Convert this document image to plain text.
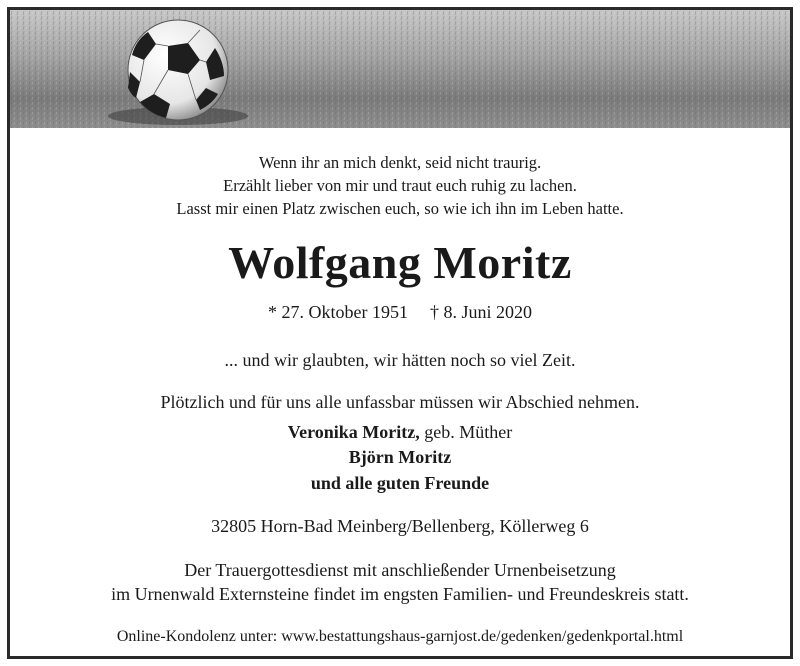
Wenn ihr an mich denkt, seid nicht traurig.
Erzählt lieber von mir und traut euch ruhig zu lachen.
Lasst mir einen Platz zwischen euch, so wie ich ihn im Leben hatte.
Wolfgang Moritz
* 27. Oktober 1951 † 8. Juni 2020
... und wir glaubten, wir hätten noch so viel Zeit.
Plötzlich und für uns alle unfassbar müssen wir Abschied nehmen.
Veronika Moritz, geb. Müther
Björn Moritz
und alle guten Freunde
32805 Horn-Bad Meinberg/Bellenberg, Köllerweg 6
Der Trauergottesdienst mit anschließender Urnenbeisetzung
im Urnenwald Externsteine findet im engsten Familien- und Freundeskreis statt.
Online-Kondolenz unter: www.bestattungshaus-garnjost.de/gedenken/gedenkportal.html
